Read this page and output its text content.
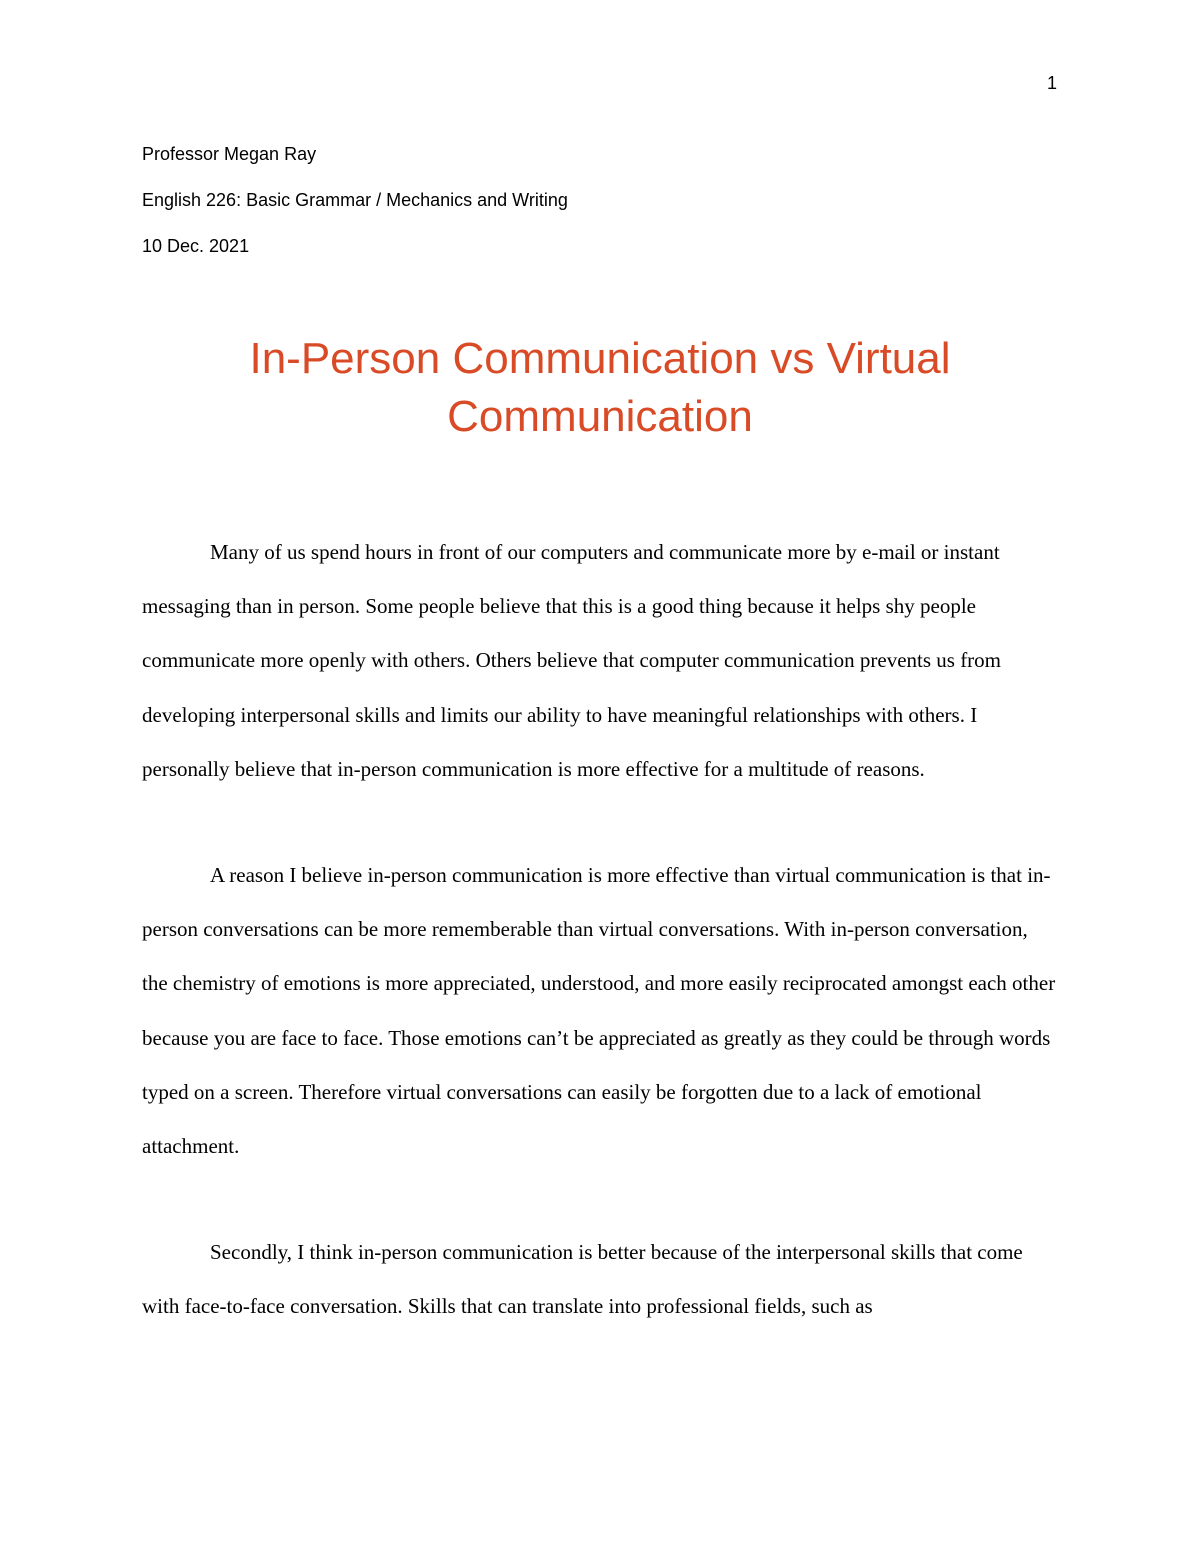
1
Professor Megan Ray
English 226: Basic Grammar / Mechanics and Writing
10 Dec. 2021
In-Person Communication vs Virtual
Communication

Many of us spend hours in front of our computers and communicate more by e-mail or instant messaging than in person. Some people believe that this is a good thing because it helps shy people communicate more openly with others. Others believe that computer communication prevents us from developing interpersonal skills and limits our ability to have meaningful relationships with others. I personally believe that in-person communication is more effective for a multitude of reasons.

A reason I believe in-person communication is more effective than virtual communication is that in-person conversations can be more rememberable than virtual conversations. With in-person conversation, the chemistry of emotions is more appreciated, understood, and more easily reciprocated amongst each other because you are face to face. Those emotions can’t be appreciated as greatly as they could be through words typed on a screen. Therefore virtual conversations can easily be forgotten due to a lack of emotional attachment.

Secondly, I think in-person communication is better because of the interpersonal skills that come with face-to-face conversation. Skills that can translate into professional fields, such as
